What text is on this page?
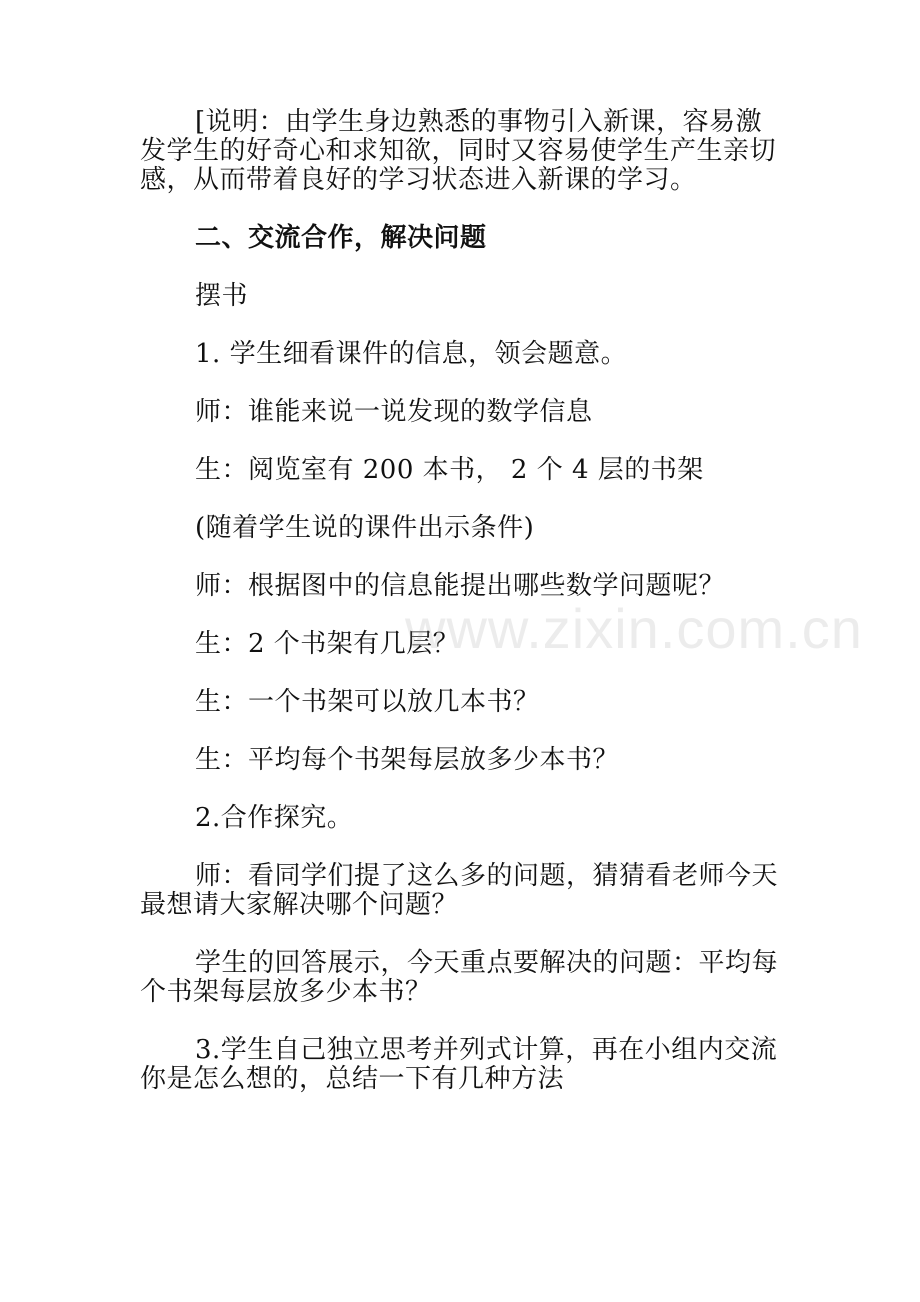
[说明：由学生身边熟悉的事物引入新课，容易激发学生的好奇心和求知欲，同时又容易使学生产生亲切感，从而带着良好的学习状态进入新课的学习。

二、交流合作，解决问题

摆书

1. 学生细看课件的信息，领会题意。

师：谁能来说一说发现的数学信息

生：阅览室有 200 本书， 2 个 4 层的书架

(随着学生说的课件出示条件)

师：根据图中的信息能提出哪些数学问题呢？

生：2 个书架有几层？

生：一个书架可以放几本书？

生：平均每个书架每层放多少本书？

2.合作探究。

师：看同学们提了这么多的问题，猜猜看老师今天最想请大家解决哪个问题？

学生的回答展示，今天重点要解决的问题：平均每个书架每层放多少本书？

3.学生自己独立思考并列式计算，再在小组内交流你是怎么想的，总结一下有几种方法

www.zixin.com.cn
